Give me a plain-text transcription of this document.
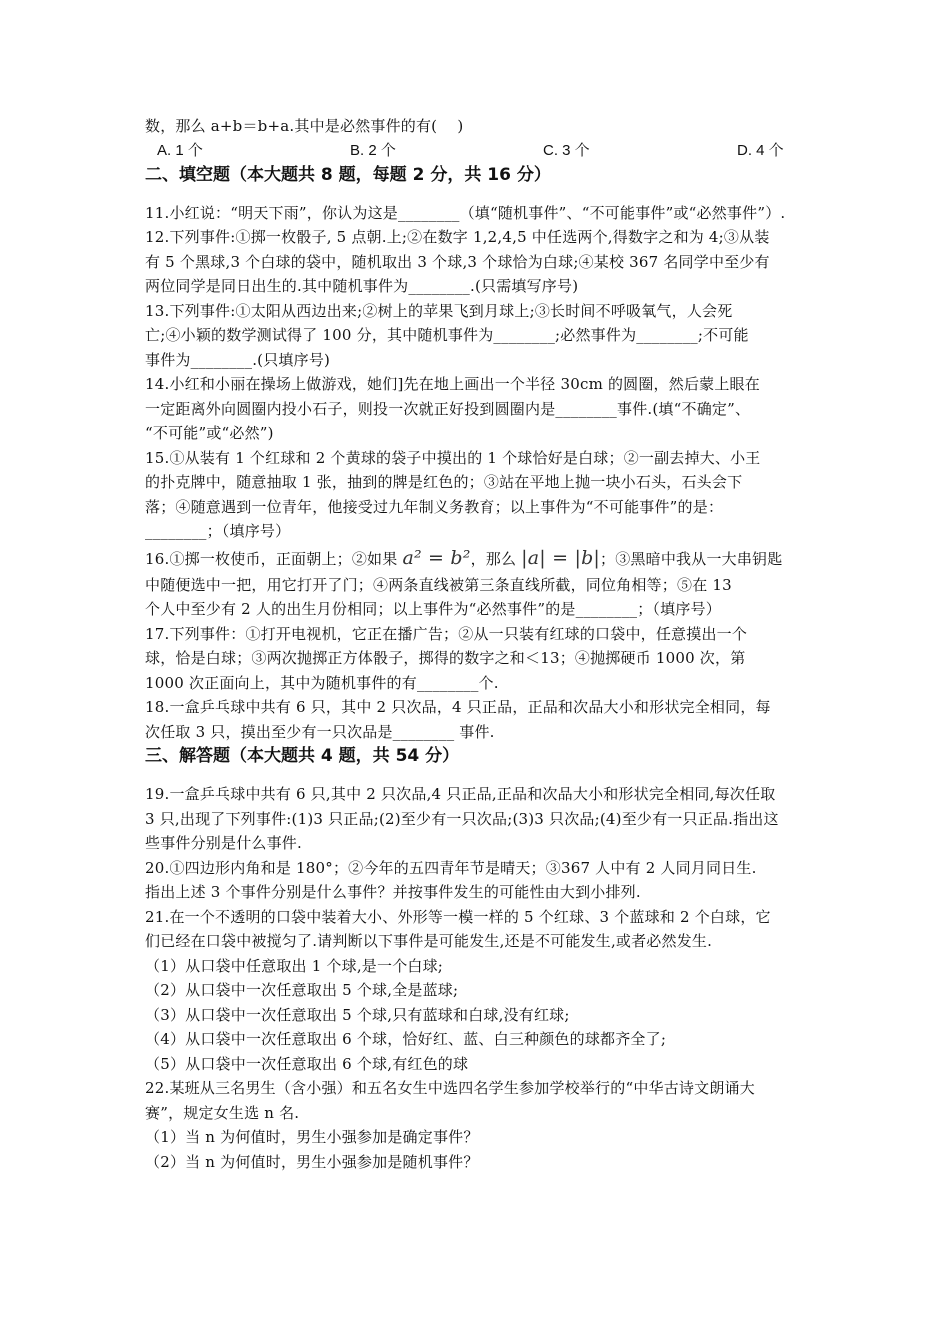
数，那么 a+b＝b+a.其中是必然事件的有(　 )
A. 1 个	B. 2 个	C. 3 个	D. 4 个
二、填空题（本大题共 8 题，每题 2 分，共 16 分）
11.小红说：“明天下雨”，你认为这是________（填“随机事件”、“不可能事件”或“必然事件”）.
12.下列事件:①掷一枚骰子, 5 点朝.上;②在数字 1,2,4,5 中任选两个,得数字之和为 4;③从装
有 5 个黑球,3 个白球的袋中，随机取出 3 个球,3 个球恰为白球;④某校 367 名同学中至少有
两位同学是同日出生的.其中随机事件为________.(只需填写序号)
13.下列事件:①太阳从西边出来;②树上的苹果飞到月球上;③长时间不呼吸氧气，人会死
亡;④小颖的数学测试得了 100 分，其中随机事件为________;必然事件为________;不可能
事件为________.(只填序号)
14.小红和小丽在操场上做游戏，她们]先在地上画出一个半径 30cm 的圆圈，然后蒙上眼在
一定距离外向圆圈内投小石子，则投一次就正好投到圆圈内是________事件.(填“不确定”、
“不可能”或“必然”)
15.①从装有 1 个红球和 2 个黄球的袋子中摸出的 1 个球恰好是白球；②一副去掉大、小王
的扑克牌中，随意抽取 1 张，抽到的牌是红色的；③站在平地上抛一块小石头，石头会下
落；④随意遇到一位青年，他接受过九年制义务教育；以上事件为“不可能事件”的是：
________；（填序号）
16.①掷一枚使币，正面朝上；②如果 a² = b²，那么 |a| = |b|；③黑暗中我从一大串钥匙
中随便选中一把，用它打开了门；④两条直线被第三条直线所截，同位角相等；⑤在 13
个人中至少有 2 人的出生月份相同；以上事件为“必然事件”的是________；（填序号）
17.下列事件：①打开电视机，它正在播广告；②从一只装有红球的口袋中，任意摸出一个
球，恰是白球；③两次抛掷正方体骰子，掷得的数字之和＜13；④抛掷硬币 1000 次，第
1000 次正面向上，其中为随机事件的有________个.
18.一盒乒乓球中共有 6 只，其中 2 只次品，4 只正品，正品和次品大小和形状完全相同，每
次任取 3 只，摸出至少有一只次品是________ 事件.
三、解答题（本大题共 4 题，共 54 分）
19.一盒乒乓球中共有 6 只,其中 2 只次品,4 只正品,正品和次品大小和形状完全相同,每次任取
3 只,出现了下列事件:(1)3 只正品;(2)至少有一只次品;(3)3 只次品;(4)至少有一只正品.指出这
些事件分别是什么事件.
20.①四边形内角和是 180°；②今年的五四青年节是晴天；③367 人中有 2 人同月同日生.
指出上述 3 个事件分别是什么事件？并按事件发生的可能性由大到小排列.
21.在一个不透明的口袋中装着大小、外形等一模一样的 5 个红球、3 个蓝球和 2 个白球，它
们已经在口袋中被搅匀了.请判断以下事件是可能发生,还是不可能发生,或者必然发生.
（1）从口袋中任意取出 1 个球,是一个白球;
（2）从口袋中一次任意取出 5 个球,全是蓝球;
（3）从口袋中一次任意取出 5 个球,只有蓝球和白球,没有红球;
（4）从口袋中一次任意取出 6 个球，恰好红、蓝、白三种颜色的球都齐全了;
（5）从口袋中一次任意取出 6 个球,有红色的球
22.某班从三名男生（含小强）和五名女生中选四名学生参加学校举行的“中华古诗文朗诵大
赛”，规定女生选 n 名.
（1）当 n 为何值时，男生小强参加是确定事件？
（2）当 n 为何值时，男生小强参加是随机事件？
